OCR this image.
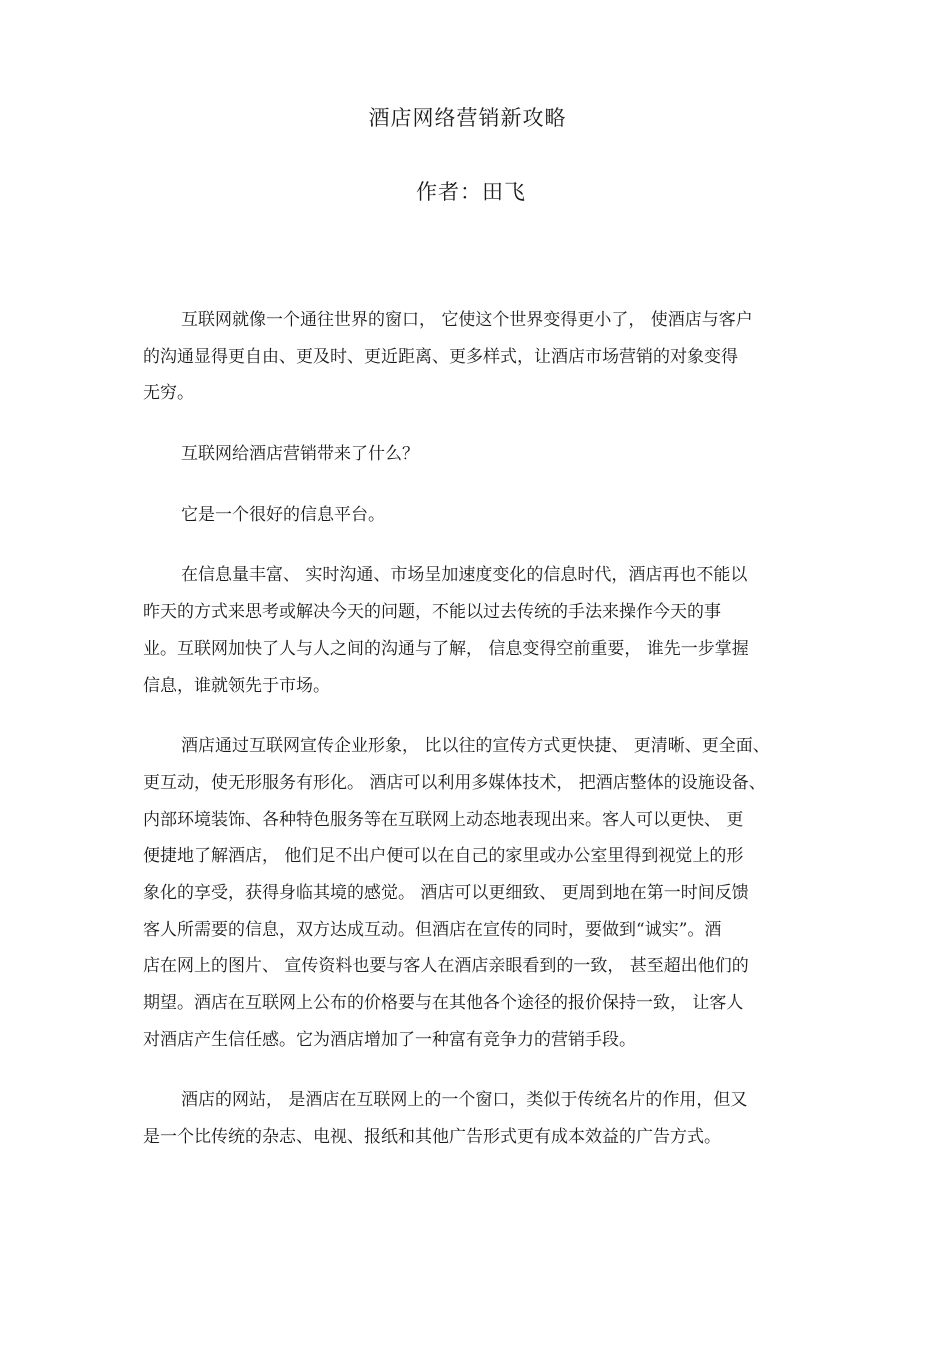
酒店网络营销新攻略
作者：田飞
互联网就像一个通往世界的窗口， 它使这个世界变得更小了， 使酒店与客户
的沟通显得更自由、更及时、更近距离、更多样式，让酒店市场营销的对象变得
无穷。
互联网给酒店营销带来了什么？
它是一个很好的信息平台。
在信息量丰富、 实时沟通、市场呈加速度变化的信息时代，酒店再也不能以
昨天的方式来思考或解决今天的问题，不能以过去传统的手法来操作今天的事
业。互联网加快了人与人之间的沟通与了解， 信息变得空前重要， 谁先一步掌握
信息，谁就领先于市场。
酒店通过互联网宣传企业形象， 比以往的宣传方式更快捷、 更清晰、更全面、
更互动，使无形服务有形化。 酒店可以利用多媒体技术， 把酒店整体的设施设备、
内部环境装饰、各种特色服务等在互联网上动态地表现出来。客人可以更快、 更
便捷地了解酒店， 他们足不出户便可以在自己的家里或办公室里得到视觉上的形
象化的享受，获得身临其境的感觉。 酒店可以更细致、 更周到地在第一时间反馈
客人所需要的信息，双方达成互动。但酒店在宣传的同时，要做到“诚实”。酒
店在网上的图片、 宣传资料也要与客人在酒店亲眼看到的一致， 甚至超出他们的
期望。酒店在互联网上公布的价格要与在其他各个途径的报价保持一致， 让客人
对酒店产生信任感。它为酒店增加了一种富有竞争力的营销手段。
酒店的网站， 是酒店在互联网上的一个窗口，类似于传统名片的作用，但又
是一个比传统的杂志、电视、报纸和其他广告形式更有成本效益的广告方式。
